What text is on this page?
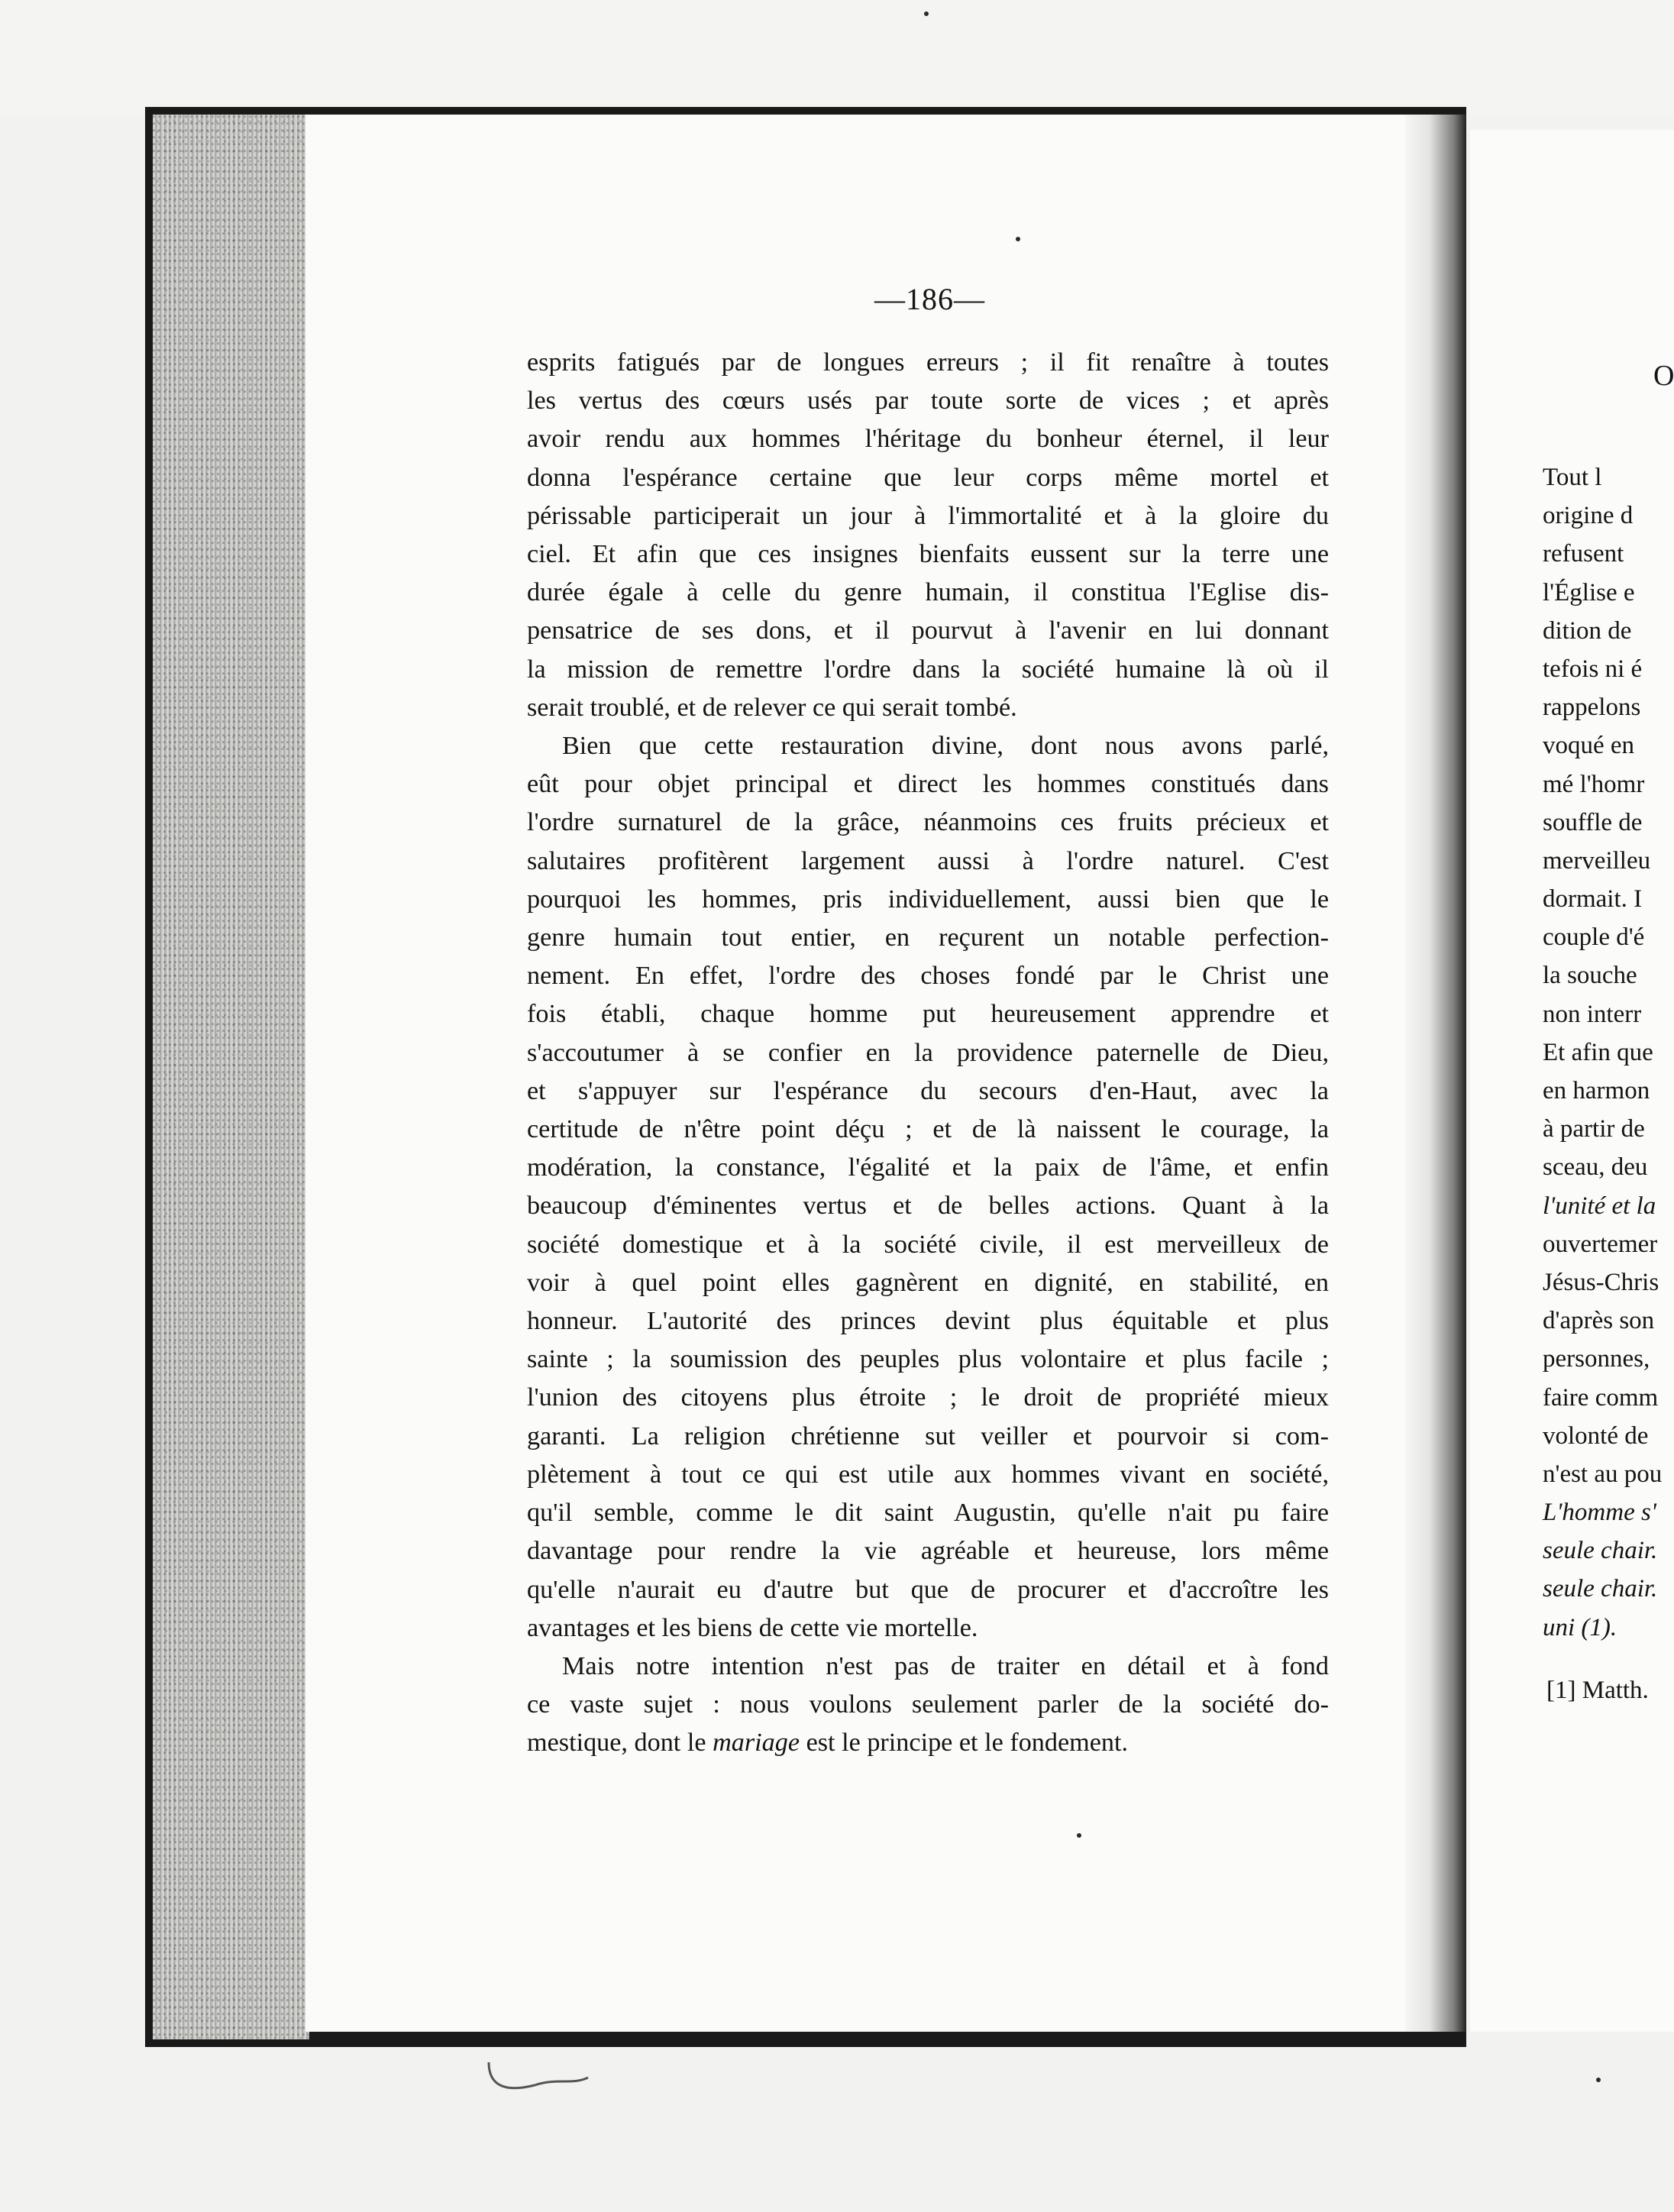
—186—
esprits fatigués par de longues erreurs ; il fit renaître à toutes
les vertus des cœurs usés par toute sorte de vices ; et après
avoir rendu aux hommes l'héritage du bonheur éternel, il leur
donna l'espérance certaine que leur corps même mortel et
périssable participerait un jour à l'immortalité et à la gloire du
ciel. Et afin que ces insignes bienfaits eussent sur la terre une
durée égale à celle du genre humain, il constitua l'Eglise dis-
pensatrice de ses dons, et il pourvut à l'avenir en lui donnant
la mission de remettre l'ordre dans la société humaine là où il
serait troublé, et de relever ce qui serait tombé.
Bien que cette restauration divine, dont nous avons parlé,
eût pour objet principal et direct les hommes constitués dans
l'ordre surnaturel de la grâce, néanmoins ces fruits précieux et
salutaires profitèrent largement aussi à l'ordre naturel. C'est
pourquoi les hommes, pris individuellement, aussi bien que le
genre humain tout entier, en reçurent un notable perfection-
nement. En effet, l'ordre des choses fondé par le Christ une
fois établi, chaque homme put heureusement apprendre et
s'accoutumer à se confier en la providence paternelle de Dieu,
et s'appuyer sur l'espérance du secours d'en-Haut, avec la
certitude de n'être point déçu ; et de là naissent le courage, la
modération, la constance, l'égalité et la paix de l'âme, et enfin
beaucoup d'éminentes vertus et de belles actions. Quant à la
société domestique et à la société civile, il est merveilleux de
voir à quel point elles gagnèrent en dignité, en stabilité, en
honneur. L'autorité des princes devint plus équitable et plus
sainte ; la soumission des peuples plus volontaire et plus facile ;
l'union des citoyens plus étroite ; le droit de propriété mieux
garanti. La religion chrétienne sut veiller et pourvoir si com-
plètement à tout ce qui est utile aux hommes vivant en société,
qu'il semble, comme le dit saint Augustin, qu'elle n'ait pu faire
davantage pour rendre la vie agréable et heureuse, lors même
qu'elle n'aurait eu d'autre but que de procurer et d'accroître les
avantages et les biens de cette vie mortelle.
Mais notre intention n'est pas de traiter en détail et à fond
ce vaste sujet : nous voulons seulement parler de la société do-
mestique, dont le mariage est le principe et le fondement.
O
Tout l
origine d
refusent
l'Église e
dition de
tefois ni é
rappelons
voqué en
mé l'homr
souffle de
merveilleu
dormait. I
couple d'é
la souche
non interr
Et afin que
en harmon
à partir de
sceau, deu
l'unité et la
ouvertemer
Jésus-Chris
d'après son
personnes,
faire comm
volonté de
n'est au pou
L'homme s'
seule chair.
seule chair.
uni (1).
[1] Matth.
